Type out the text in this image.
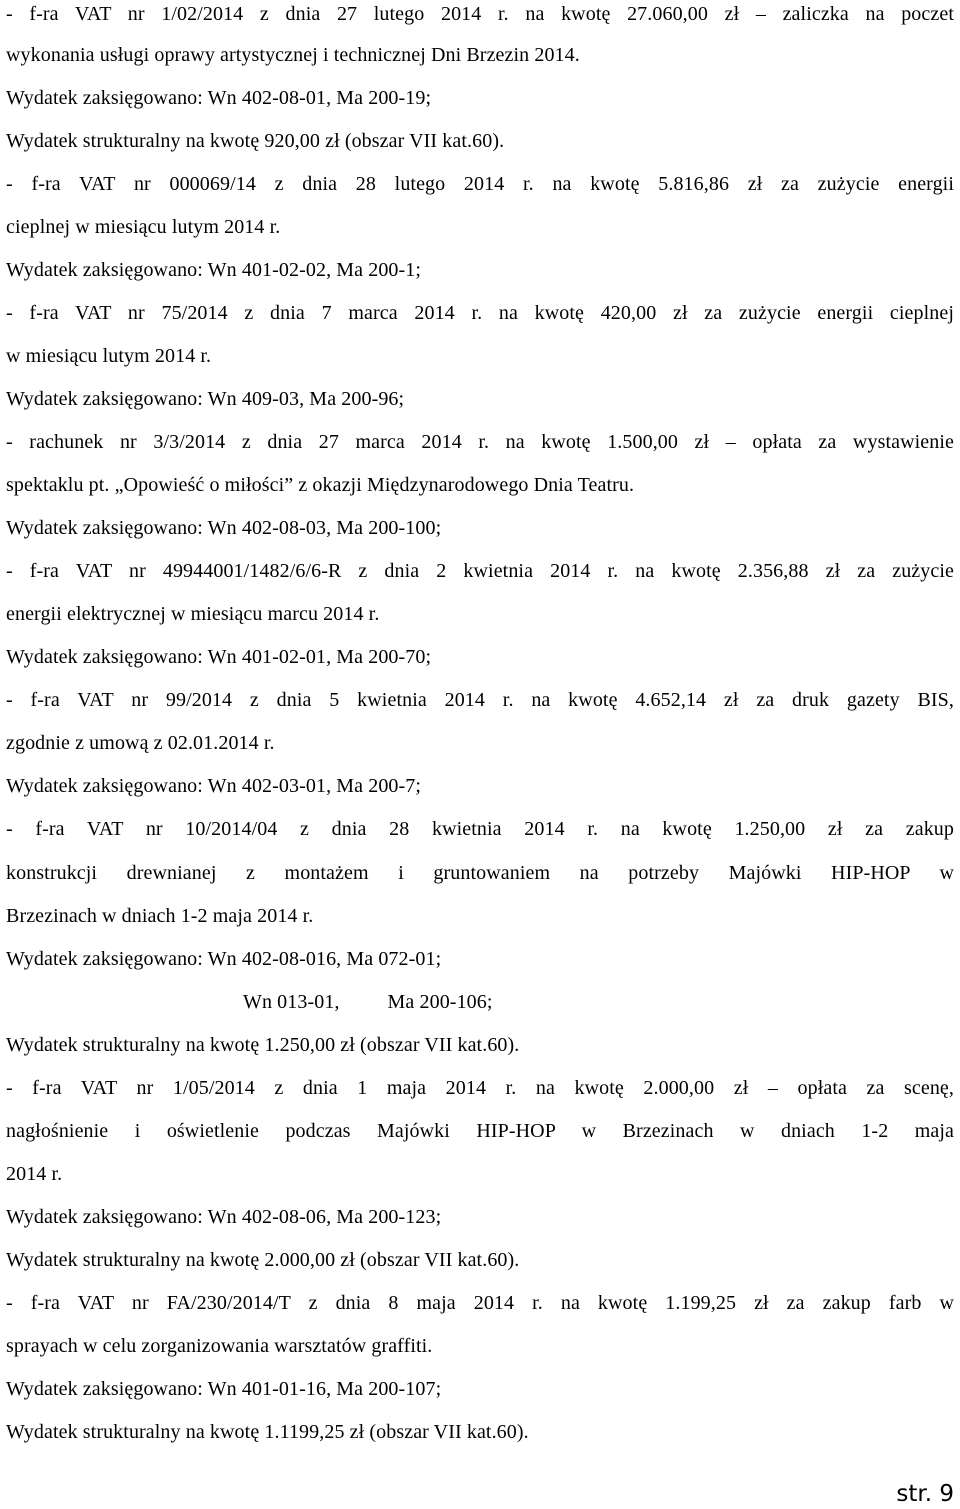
- f-ra VAT nr 1/02/2014 z dnia 27 lutego 2014 r. na kwotę 27.060,00 zł – zaliczka na poczet
wykonania usługi oprawy artystycznej i technicznej Dni Brzezin 2014.
Wydatek zaksięgowano: Wn 402-08-01, Ma 200-19;
Wydatek strukturalny na kwotę 920,00 zł (obszar VII kat.60).
- f-ra VAT nr 000069/14 z dnia 28 lutego 2014 r. na kwotę 5.816,86 zł za zużycie energii
cieplnej w miesiącu lutym 2014 r.
Wydatek zaksięgowano: Wn 401-02-02, Ma 200-1;
- f-ra VAT nr 75/2014 z dnia 7 marca 2014 r. na kwotę 420,00 zł za zużycie energii cieplnej
w miesiącu lutym 2014 r.
Wydatek zaksięgowano: Wn 409-03, Ma 200-96;
- rachunek nr 3/3/2014 z dnia 27 marca 2014 r. na kwotę 1.500,00 zł – opłata za wystawienie
spektaklu pt. „Opowieść o miłości” z okazji Międzynarodowego Dnia Teatru.
Wydatek zaksięgowano: Wn 402-08-03, Ma 200-100;
- f-ra VAT nr 49944001/1482/6/6-R z dnia 2 kwietnia 2014 r. na kwotę 2.356,88 zł za zużycie
energii elektrycznej w miesiącu marcu 2014 r.
Wydatek zaksięgowano: Wn 401-02-01, Ma 200-70;
- f-ra VAT nr 99/2014 z dnia 5 kwietnia 2014 r. na kwotę 4.652,14 zł za druk gazety BIS,
zgodnie z umową z 02.01.2014 r.
Wydatek zaksięgowano: Wn 402-03-01, Ma 200-7;
- f-ra VAT nr 10/2014/04 z dnia 28 kwietnia 2014 r. na kwotę 1.250,00 zł za zakup
konstrukcji drewnianej z montażem i gruntowaniem na potrzeby Majówki HIP-HOP w
Brzezinach w dniach 1-2 maja 2014 r.
Wydatek zaksięgowano: Wn 402-08-016, Ma 072-01;
Wn 013-01, Ma 200-106;
Wydatek strukturalny na kwotę 1.250,00 zł (obszar VII kat.60).
- f-ra VAT nr 1/05/2014 z dnia 1 maja 2014 r. na kwotę 2.000,00 zł – opłata za scenę,
nagłośnienie i oświetlenie podczas Majówki HIP-HOP w Brzezinach w dniach 1-2 maja
2014 r.
Wydatek zaksięgowano: Wn 402-08-06, Ma 200-123;
Wydatek strukturalny na kwotę 2.000,00 zł (obszar VII kat.60).
- f-ra VAT nr FA/230/2014/T z dnia 8 maja 2014 r. na kwotę 1.199,25 zł za zakup farb w
sprayach w celu zorganizowania warsztatów graffiti.
Wydatek zaksięgowano: Wn 401-01-16, Ma 200-107;
Wydatek strukturalny na kwotę 1.1199,25 zł (obszar VII kat.60).
str. 9
